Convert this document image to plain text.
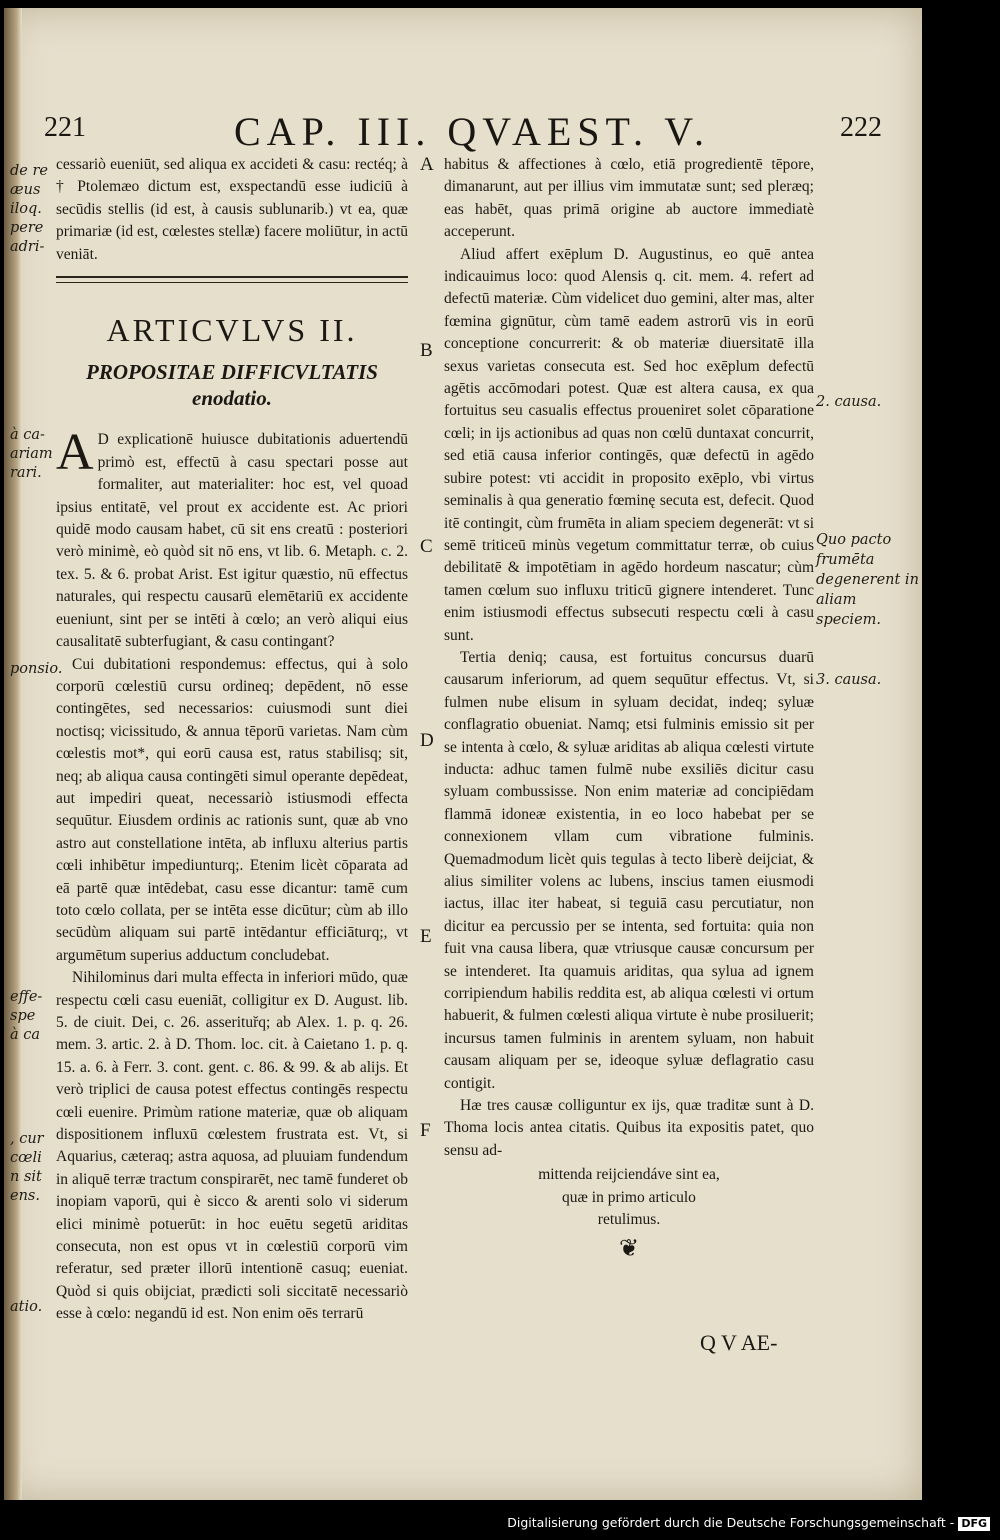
221	CAP. III. QVAEST. V.	222
de re
æus
iloq.
pere
adri-
à ca-
ariam
rari.
ponsio.
effe-
spe
à ca
, cur
cœli
n sit
ens.
atio.

cessariò eueniūt, sed aliqua ex accideti & casu: rectéq; à † Ptolemæo dictum est, exspectandū esse iudiciū à secūdis stellis (id est, à causis sublunarib.) vt ea, quæ primariæ (id est, cœlestes stellæ) facere moliūtur, in actū veniāt.

ARTICVLVS II.
PROPOSITAE DIFFICVLTATIS
enodatio.

A D explicationē huiusce dubitationis aduertendū primò est, effectū à casu spectari posse aut formaliter, aut materialiter: hoc est, vel quoad ipsius entitatē, vel prout ex accidente est. Ac priori quidē modo causam habet, cū sit ens creatū : posteriori verò minimè, eò quòd sit nō ens, vt lib. 6. Metaph. c. 2. tex. 5. & 6. probat Arist. Est igitur quæstio, nū effectus naturales, qui respectu causarū elemētariū ex accidente eueniunt, sint per se intēti à cœlo; an verò aliqui eius causalitatē subterfugiant, & casu contingant?

Cui dubitationi respondemus: effectus, qui à solo corporū cœlestiū cursu ordineq; depēdent, nō esse contingētes, sed necessarios: cuiusmodi sunt diei noctisq; vicissitudo, & annua tēporū varietas. Nam cùm cœlestis mot*, qui eorū causa est, ratus stabilisq; sit, neq; ab aliqua causa contingēti simul operante depēdeat, aut impediri queat, necessariò istiusmodi effecta sequūtur. Eiusdem ordinis ac rationis sunt, quæ ab vno astro aut constellatione intēta, ab influxu alterius partis cœli inhibētur impediunturq;. Etenim licèt cōparata ad eā partē quæ intēdebat, casu esse dicantur: tamē cum toto cœlo collata, per se intēta esse dicūtur; cùm ab illo secūdùm aliquam sui partē intēdantur efficiāturq;, vt argumētum superius adductum concludebat.

Nihilominus dari multa effecta in inferiori mūdo, quæ respectu cœli casu eueniāt, colligitur ex D. August. lib. 5. de ciuit. Dei, c. 26. asserituřq; ab Alex. 1. p. q. 26. mem. 3. artic. 2. à D. Thom. loc. cit. à Caietano 1. p. q. 15. a. 6. à Ferr. 3. cont. gent. c. 86. & 99. & ab alijs. Et verò triplici de causa potest effectus contingēs respectu cœli euenire. Primùm ratione materiæ, quæ ob aliquam dispositionem influxū cœlestem frustrata est. Vt, si Aquarius, cæteraq; astra aquosa, ad pluuiam fundendum in aliquē terræ tractum conspirarēt, nec tamē funderet ob inopiam vaporū, qui è sicco & arenti solo vi siderum elici minimè potuerūt: in hoc euētu segetū ariditas consecuta, non est opus vt in cœlestiū corporū vim referatur, sed præter illorū intentionē casuq; eueniat. Quòd si quis obijciat, prædicti soli siccitatē necessariò esse à cœlo: negandū id est. Non enim oēs terrarū

A
B
C
D
E
F

habitus & affectiones à cœlo, etiā progredientē tēpore, dimanarunt, aut per illius vim immutatæ sunt; sed pleræq; eas habēt, quas primā origine ab auctore immediatè acceperunt.

Aliud affert exēplum D. Augustinus, eo quē antea indicauimus loco: quod Alensis q. cit. mem. 4. refert ad defectū materiæ. Cùm videlicet duo gemini, alter mas, alter fœmina gignūtur, cùm tamē eadem astrorū vis in eorū conceptione concurrerit: & ob materiæ diuersitatē illa sexus varietas consecuta est. Sed hoc exēplum defectū agētis accōmodari potest. Quæ est altera causa, ex qua fortuitus seu casualis effectus proueniret solet cōparatione cœli; in ijs actionibus ad quas non cœlū duntaxat concurrit, sed etiā causa inferior contingēs, quæ defectū in agēdo subire potest: vti accidit in proposito exēplo, vbi virtus seminalis à qua generatio fœminę secuta est, defecit. Quod itē contingit, cùm frumēta in aliam speciem degenerāt: vt si semē triticeū minùs vegetum committatur terræ, ob cuius debilitatē & impotētiam in agēdo hordeum nascatur; cùm tamen cœlum suo influxu triticū gignere intenderet. Tunc enim istiusmodi effectus subsecuti respectu cœli à casu sunt.

Tertia deniq; causa, est fortuitus concursus duarū causarum inferiorum, ad quem sequūtur effectus. Vt, si fulmen nube elisum in syluam decidat, indeq; syluæ conflagratio obueniat. Namq; etsi fulminis emissio sit per se intenta à cœlo, & syluæ ariditas ab aliqua cœlesti virtute inducta: adhuc tamen fulmē nube exsiliēs dicitur casu syluam combussisse. Non enim materiæ ad concipiēdam flammā idoneæ existentia, in eo loco habebat per se connexionem vllam cum vibratione fulminis. Quemadmodum licèt quis tegulas à tecto liberè deijciat, & alius similiter volens ac lubens, inscius tamen eiusmodi iactus, illac iter habeat, si teguiā casu percutiatur, non dicitur ea percussio per se intenta, sed fortuita: quia non fuit vna causa libera, quæ vtriusque causæ concursum per se intenderet. Ita quamuis ariditas, qua sylua ad ignem corripiendum habilis reddita est, ab aliqua cœlesti vi ortum habuerit, & fulmen cœlesti aliqua virtute è nube prosiluerit; incursus tamen fulminis in arentem syluam, non habuit causam aliquam per se, ideoque syluæ deflagratio casu contigit.

Hæ tres causæ colliguntur ex ijs, quæ traditæ sunt à D. Thoma locis antea citatis. Quibus ita expositis patet, quo sensu ad-

mittenda reijciendáve sint ea,
quæ in primo articulo
retulimus.
❦
2. causa.
Quo pacto frumēta degenerent in aliam speciem.
3. causa.
Q V AE-
Digitalisierung gefördert durch die Deutsche Forschungsgemeinschaft - DFG
